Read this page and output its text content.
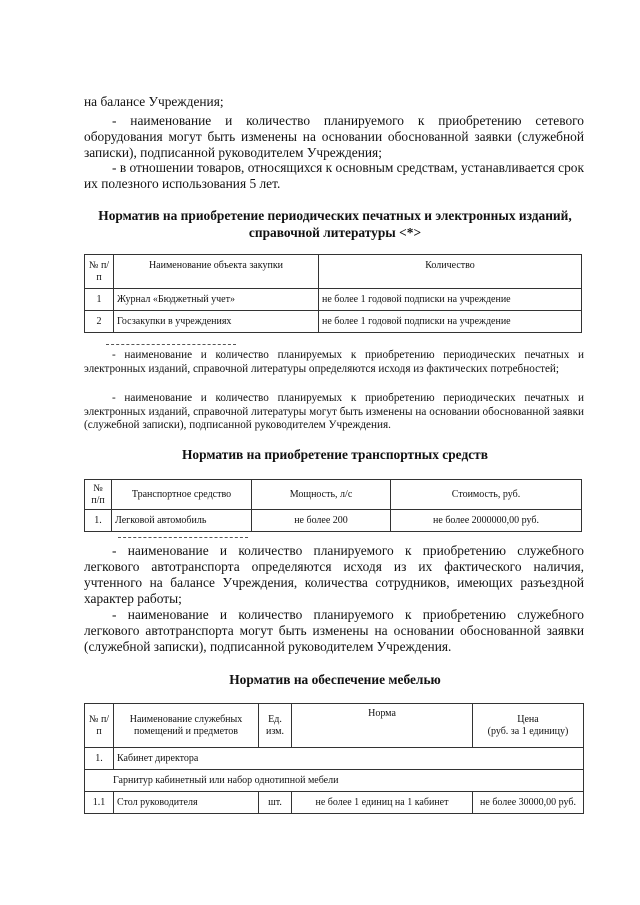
на балансе Учреждения;

- наименование и количество планируемого к приобретению сетевого оборудования могут быть изменены на основании обоснованной заявки (служебной записки), подписанной руководителем Учреждения;

- в отношении товаров, относящихся к основным средствам, устанавливается срок их полезного использования 5 лет.

Норматив на приобретение периодических печатных и электронных изданий,

справочной литературы <*>

№ п/п	Наименование объекта закупки	Количество
1	Журнал «Бюджетный учет»	не более 1 годовой подписки на учреждение
2	Госзакупки в учреждениях	не более 1 годовой подписки на учреждение

- наименование и количество планируемых к приобретению периодических печатных и электронных изданий, справочной литературы определяются исходя из фактических потребностей;

- наименование и количество планируемых к приобретению периодических печатных и электронных изданий, справочной литературы могут быть изменены на основании обоснованной заявки (служебной записки), подписанной руководителем Учреждения.

Норматив на приобретение транспортных средств

№ п/п	Транспортное средство	Мощность, л/с	Стоимость, руб.
1.	Легковой автомобиль	не более 200	не более 2000000,00 руб.

- наименование и количество планируемого к приобретению служебного легкового автотранспорта определяются исходя из их фактического наличия, учтенного на балансе Учреждения, количества сотрудников, имеющих разъездной характер работы;

- наименование и количество планируемого к приобретению служебного легкового автотранспорта могут быть изменены на основании обоснованной заявки (служебной записки), подписанной руководителем Учреждения.

Норматив на обеспечение мебелью

№ п/п	Наименование служебных помещений и предметов	Ед. изм.	Норма	Цена
(руб. за 1 единицу)

1.	Кабинет директора			
Гарнитур кабинетный или набор однотипной мебели				
1.1	Стол руководителя	шт.	не более 1 единиц на 1 кабинет	не более 30000,00 руб.
